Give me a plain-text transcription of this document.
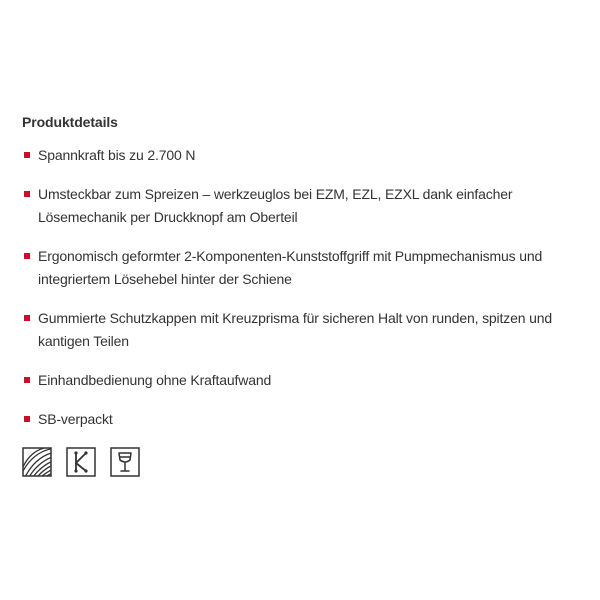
Produktdetails
Spannkraft bis zu 2.700 N
Umsteckbar zum Spreizen – werkzeuglos bei EZM, EZL, EZXL dank einfacher Lösemechanik per Druckknopf am Oberteil
Ergonomisch geformter 2-Komponenten-Kunststoffgriff mit Pumpmechanismus und integriertem Lösehebel hinter der Schiene
Gummierte Schutzkappen mit Kreuzprisma für sicheren Halt von runden, spitzen und kantigen Teilen
Einhandbedienung ohne Kraftaufwand
SB-verpackt
